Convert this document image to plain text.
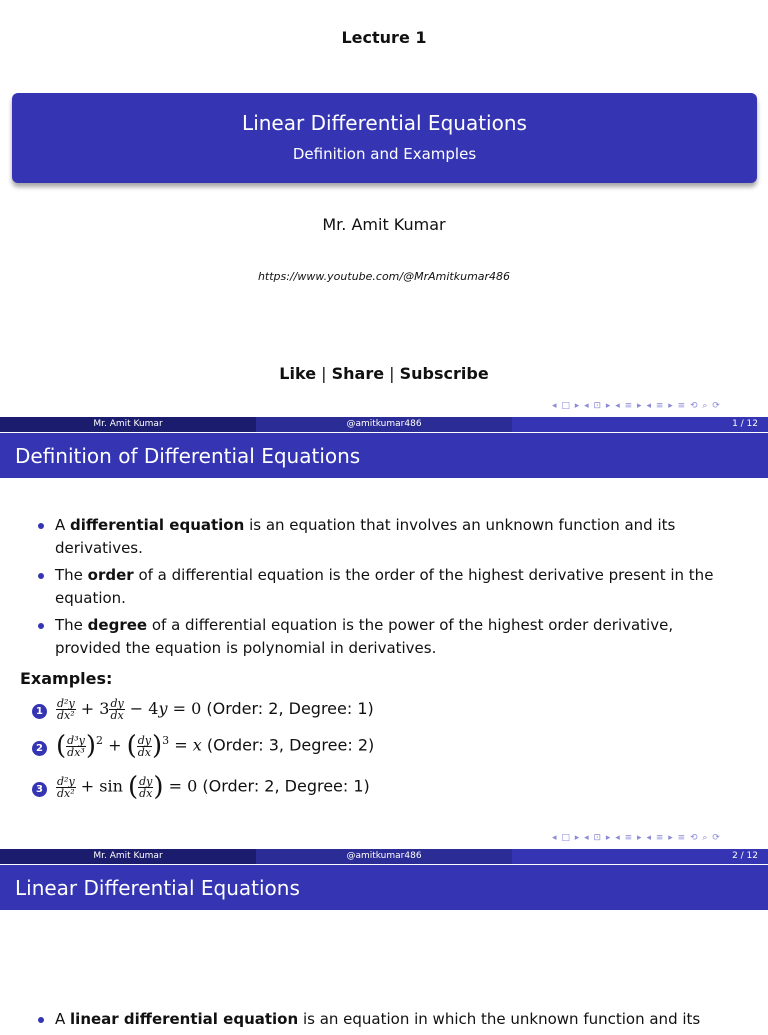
Lecture 1
Linear Differential Equations
Definition and Examples
Mr. Amit Kumar
https://www.youtube.com/@MrAmitkumar486
Like | Share | Subscribe
◂ □ ▸ ◂ ⊡ ▸ ◂ ≡ ▸ ◂ ≡ ▸ ≡ ⟲ ⌕ ⟳
Mr. Amit Kumar	@amitkumar486	1 / 12
Definition of Differential Equations
A differential equation is an equation that involves an unknown function and its derivatives.
The order of a differential equation is the order of the highest derivative present in the equation.
The degree of a differential equation is the power of the highest order derivative, provided the equation is polynomial in derivatives.
Examples:
1	$\frac{\text{d²y}}{\text{dx²}} + 3 \frac{dy}{dx} - 4y = 0$ (Order: 2, Degree: 1)
2 ( $\frac{\text{d³y}}{\text{dx³}} )^2$ + ( $\frac{dy}{dx} )^3 = x$ (Order: 3, Degree: 2)
3	$\frac{\text{d²y}}{\text{dx²}} + \sin$ ( $\frac{dy}{dx}$ ) = 0 (Order: 2, Degree: 1)
◂ □ ▸ ◂ ⊡ ▸ ◂ ≡ ▸ ◂ ≡ ▸ ≡ ⟲ ⌕ ⟳
Mr. Amit Kumar	@amitkumar486	2 / 12
Linear Differential Equations
A linear differential equation is an equation in which the unknown function and its
